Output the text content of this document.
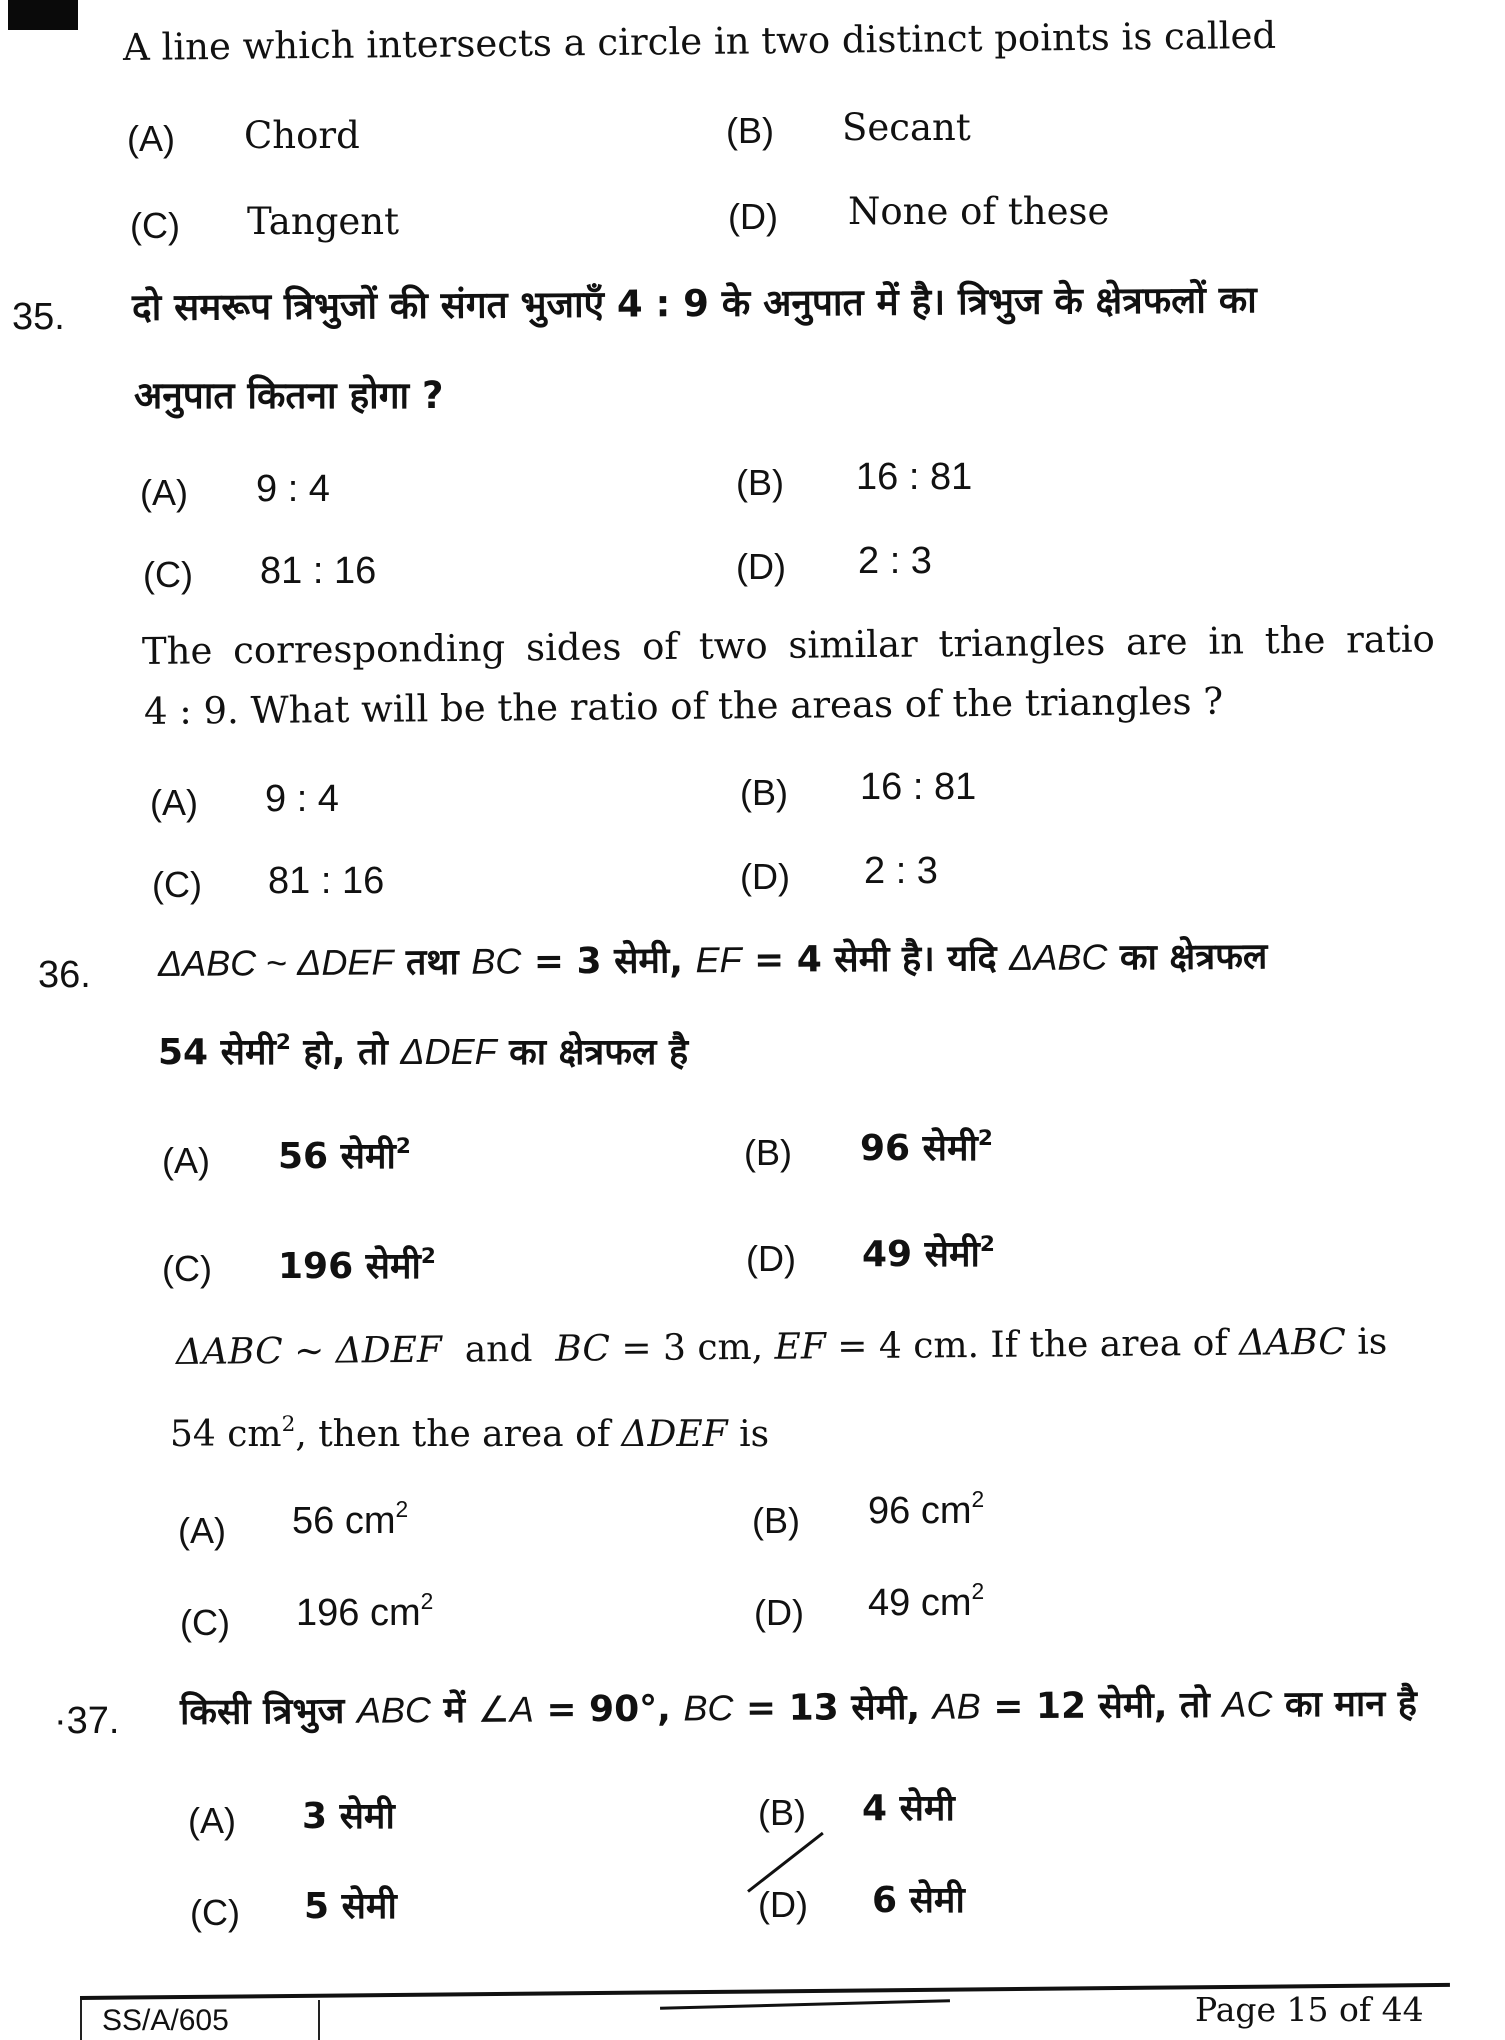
A line which intersects a circle in two distinct points is called
(A) Chord	(B) Secant
(C) Tangent	(D) None of these
35. दो समरूप त्रिभुजों की संगत भुजाएँ 4 : 9 के अनुपात में है। त्रिभुज के क्षेत्रफलों का
अनुपात कितना होगा ?
(A) 9 : 4	(B) 16 : 81
(C) 81 : 16	(D) 2 : 3
The corresponding sides of two similar triangles are in the ratio
4 : 9. What will be the ratio of the areas of the triangles ?
(A) 9 : 4	(B) 16 : 81
(C) 81 : 16	(D) 2 : 3
36. ΔABC ~ ΔDEF तथा BC = 3 सेमी, EF = 4 सेमी है। यदि ΔABC का क्षेत्रफल
54 सेमी$^2$ हो, तो ΔDEF का क्षेत्रफल है
(A) 56 सेमी$^2$	(B) 96 सेमी$^2$
(C) 196 सेमी$^2$	(D) 49 सेमी$^2$
ΔABC ~ ΔDEF  and  BC = 3 cm, EF = 4 cm. If the area of ΔABC is
54 $cm^2$, then the area of ΔDEF is
(A) 56 $cm^2$	(B) 96 $cm^2$
(C) 196 $cm^2$	(D) 49 $cm^2$
·37. किसी त्रिभुज ABC में ∠A = 90°, BC = 13 सेमी, AB = 12 सेमी, तो AC का मान है
(A) 3 सेमी	(B) 4 सेमी
(C) 5 सेमी	(D) 6 सेमी
SS/A/605	Page 15 of 44
